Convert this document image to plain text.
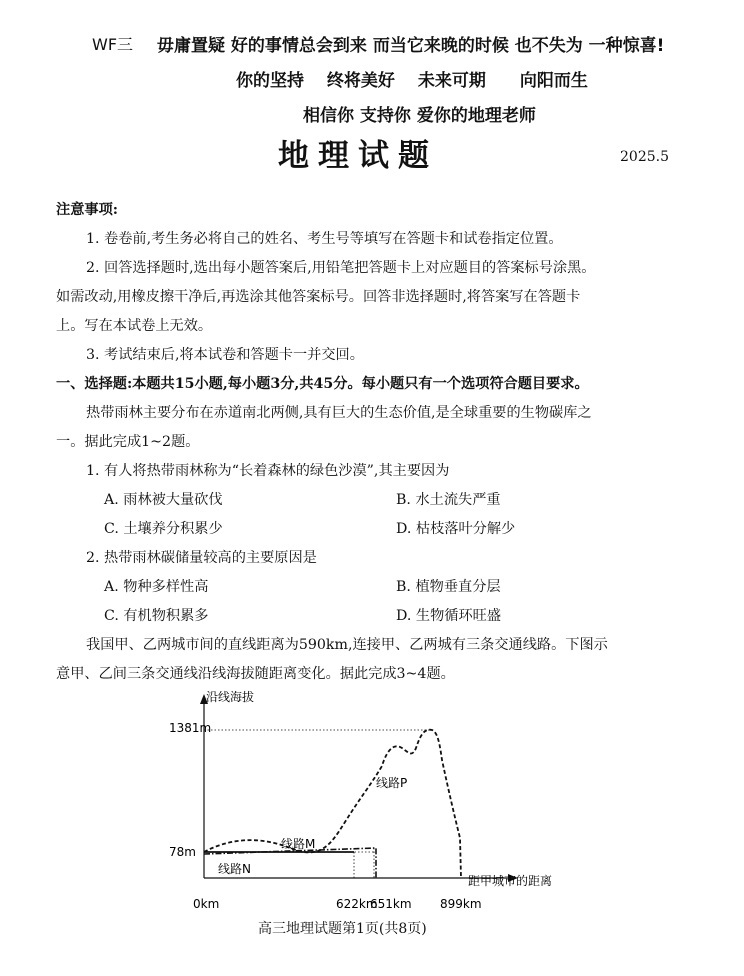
WF三 毋庸置疑 好的事情总会到来 而当它来晚的时候 也不失为 一种惊喜!
你的坚持　 终将美好 　未来可期　　向阳而生
相信你 支持你 爱你的地理老师
地理试题	2025.5

注意事项:

1. 卷卷前,考生务必将自己的姓名、考生号等填写在答题卡和试卷指定位置。

2. 回答选择题时,选出每小题答案后,用铅笔把答题卡上对应题目的答案标号涂黑。

如需改动,用橡皮擦干净后,再选涂其他答案标号。回答非选择题时,将答案写在答题卡

上。写在本试卷上无效。

3. 考试结束后,将本试卷和答题卡一并交回。

一、选择题:本题共15小题,每小题3分,共45分。每小题只有一个选项符合题目要求。

热带雨林主要分布在赤道南北两侧,具有巨大的生态价值,是全球重要的生物碳库之

一。据此完成1~2题。

1. 有人将热带雨林称为“长着森林的绿色沙漠”,其主要因为

A. 雨林被大量砍伐	B. 水土流失严重
C. 土壤养分积累少	D. 枯枝落叶分解少

2. 热带雨林碳储量较高的主要原因是

A. 物种多样性高	B. 植物垂直分层
C. 有机物积累多	D. 生物循环旺盛

我国甲、乙两城市间的直线距离为590km,连接甲、乙两城有三条交通线路。下图示

意甲、乙间三条交通线沿线海拔随距离变化。据此完成3~4题。

沿线海拔
距甲城市的距离
1381m
78m
0km	622km
651km 899km
线路P
线路M
线路N
高三地理试题第1页(共8页)
